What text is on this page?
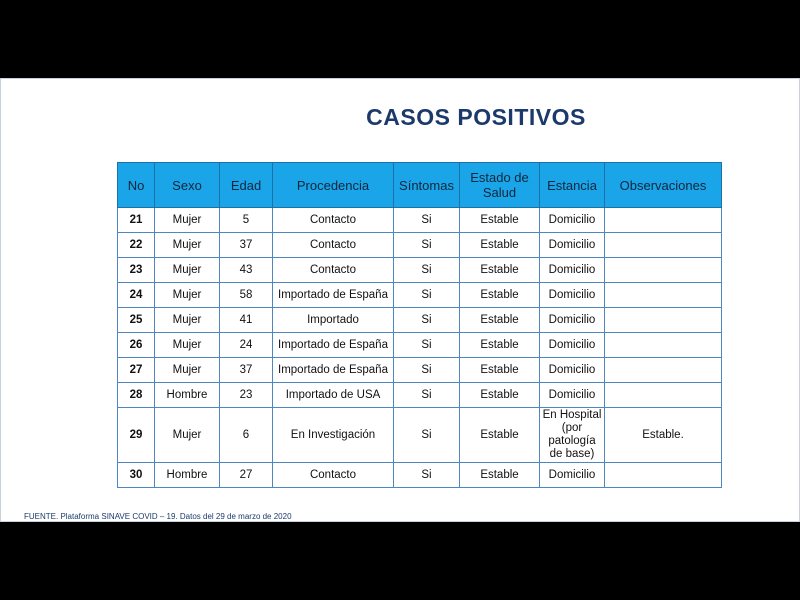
CASOS POSITIVOS
No	Sexo	Edad	Procedencia	Síntomas	Estado de Salud	Estancia	Observaciones
21	Mujer	5	Contacto	Si	Estable	Domicilio	
22	Mujer	37	Contacto	Si	Estable	Domicilio	
23	Mujer	43	Contacto	Si	Estable	Domicilio	
24	Mujer	58	Importado de España	Si	Estable	Domicilio	
25	Mujer	41	Importado	Si	Estable	Domicilio	
26	Mujer	24	Importado de España	Si	Estable	Domicilio	
27	Mujer	37	Importado de España	Si	Estable	Domicilio	
28	Hombre	23	Importado de USA	Si	Estable	Domicilio	
29	Mujer	6	En Investigación	Si	Estable	En Hospital (por patología de base)	Estable.
30	Hombre	27	Contacto	Si	Estable	Domicilio	
FUENTE. Plataforma SINAVE COVID – 19. Datos del 29 de marzo de 2020
